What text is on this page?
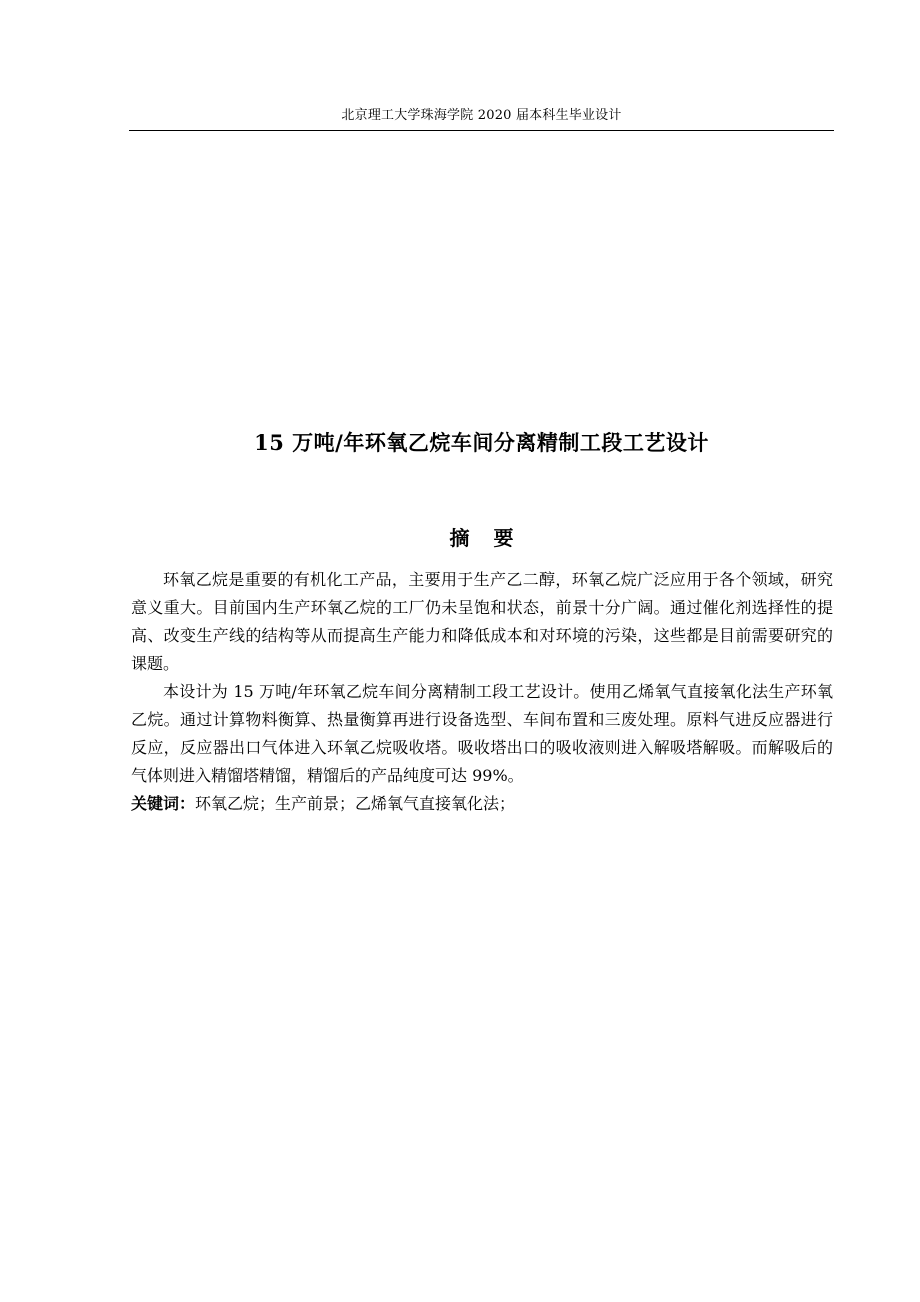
北京理工大学珠海学院 2020 届本科生毕业设计
15 万吨/年环氧乙烷车间分离精制工段工艺设计
摘要

环氧乙烷是重要的有机化工产品，主要用于生产乙二醇，环氧乙烷广泛应用于各个领域，研究意义重大。目前国内生产环氧乙烷的工厂仍未呈饱和状态，前景十分广阔。通过催化剂选择性的提高、改变生产线的结构等从而提高生产能力和降低成本和对环境的污染，这些都是目前需要研究的课题。

本设计为 15 万吨/年环氧乙烷车间分离精制工段工艺设计。使用乙烯氧气直接氧化法生产环氧乙烷。通过计算物料衡算、热量衡算再进行设备选型、车间布置和三废处理。原料气进反应器进行反应，反应器出口气体进入环氧乙烷吸收塔。吸收塔出口的吸收液则进入解吸塔解吸。而解吸后的气体则进入精馏塔精馏，精馏后的产品纯度可达 99%。

关键词：环氧乙烷；生产前景；乙烯氧气直接氧化法；
